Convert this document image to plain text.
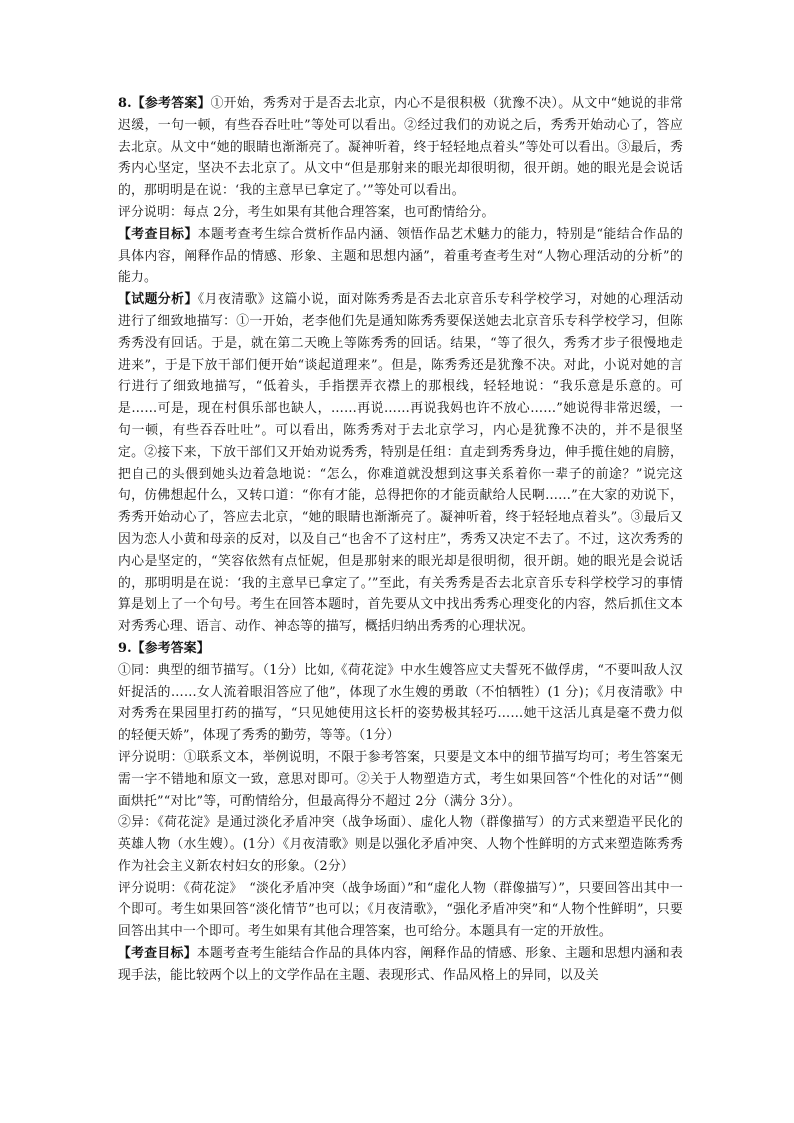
8.【参考答案】①开始，秀秀对于是否去北京，内心不是很积极（犹豫不决）。从文中“她说的非常迟缓，一句一顿，有些吞吞吐吐”等处可以看出。②经过我们的劝说之后，秀秀开始动心了，答应去北京。从文中“她的眼睛也渐渐亮了。凝神听着，终于轻轻地点着头”等处可以看出。③最后，秀秀内心坚定，坚决不去北京了。从文中“但是那射来的眼光却很明彻，很开朗。她的眼光是会说话的，那明明是在说：‘我的主意早已拿定了。’”等处可以看出。

评分说明：每点 2分，考生如果有其他合理答案，也可酌情给分。

【考查目标】本题考查考生综合赏析作品内涵、领悟作品艺术魅力的能力，特别是“能结合作品的具体内容，阐释作品的情感、形象、主题和思想内涵”，着重考查考生对“人物心理活动的分析”的能力。

【试题分析】《月夜清歌》这篇小说，面对陈秀秀是否去北京音乐专科学校学习，对她的心理活动进行了细致地描写：①一开始，老李他们先是通知陈秀秀要保送她去北京音乐专科学校学习，但陈秀秀没有回话。于是，就在第二天晚上等陈秀秀的回话。结果，“等了很久，秀秀才步子很慢地走进来”，于是下放干部们便开始“谈起道理来”。但是，陈秀秀还是犹豫不决。对此，小说对她的言行进行了细致地描写，“低着头，手指摆弄衣襟上的那根线，轻轻地说：“我乐意是乐意的。可是……可是，现在村俱乐部也缺人，……再说……再说我妈也许不放心……”她说得非常迟缓，一句一顿，有些吞吞吐吐”。可以看出，陈秀秀对于去北京学习，内心是犹豫不决的，并不是很坚定。②接下来，下放干部们又开始劝说秀秀，特别是任组：直走到秀秀身边，伸手揽住她的肩膀，把自己的头偎到她头边着急地说：“怎么，你难道就没想到这事关系着你一辈子的前途？”说完这句，仿佛想起什么，又转口道：“你有才能，总得把你的才能贡献给人民啊……”在大家的劝说下，秀秀开始动心了，答应去北京，“她的眼睛也渐渐亮了。凝神听着，终于轻轻地点着头”。③最后又因为恋人小黄和母亲的反对，以及自己“也舍不了这村庄”，秀秀又决定不去了。不过，这次秀秀的内心是坚定的，“笑容依然有点怔妮，但是那射来的眼光却是很明彻，很开朗。她的眼光是会说话的，那明明是在说：‘我的主意早已拿定了。’”至此，有关秀秀是否去北京音乐专科学校学习的事情算是划上了一个句号。考生在回答本题时，首先要从文中找出秀秀心理变化的内容，然后抓住文本对秀秀心理、语言、动作、神态等的描写，概括归纳出秀秀的心理状况。

9.【参考答案】

①同：典型的细节描写。（1分）比如,《荷花淀》中水生嫂答应丈夫誓死不做俘虏，“不要叫敌人汉奸捉活的……女人流着眼泪答应了他”，体现了水生嫂的勇敢（不怕牺牲）(1 分)；《月夜清歌》中对秀秀在果园里打药的描写，“只见她使用这长杆的姿势极其轻巧……她干这活儿真是毫不费力似的轻便天娇”，体现了秀秀的勤劳，等等。（1分）

评分说明：①联系文本，举例说明，不限于参考答案，只要是文本中的细节描写均可；考生答案无需一字不错地和原文一致，意思对即可。②关于人物塑造方式，考生如果回答“个性化的对话”“侧面烘托”“对比”等，可酌情给分，但最高得分不超过 2分（满分 3分）。

②异：《荷花淀》是通过淡化矛盾冲突（战争场面）、虚化人物（群像描写）的方式来塑造平民化的英雄人物（水生嫂）。(1分）《月夜清歌》则是以强化矛盾冲突、人物个性鲜明的方式来塑造陈秀秀作为社会主义新农村妇女的形象。（2分）

评分说明：《荷花淀》　“淡化矛盾冲突（战争场面）”和“虚化人物（群像描写）”，只要回答出其中一个即可。考生如果回答“淡化情节”也可以；《月夜清歌》，“强化矛盾冲突”和“人物个性鲜明”，只要回答出其中一个即可。考生如果有其他合理答案，也可给分。本题具有一定的开放性。

【考查目标】本题考查考生能结合作品的具体内容，阐释作品的情感、形象、主题和思想内涵和表现手法，能比较两个以上的文学作品在主题、表现形式、作品风格上的异同，以及关
